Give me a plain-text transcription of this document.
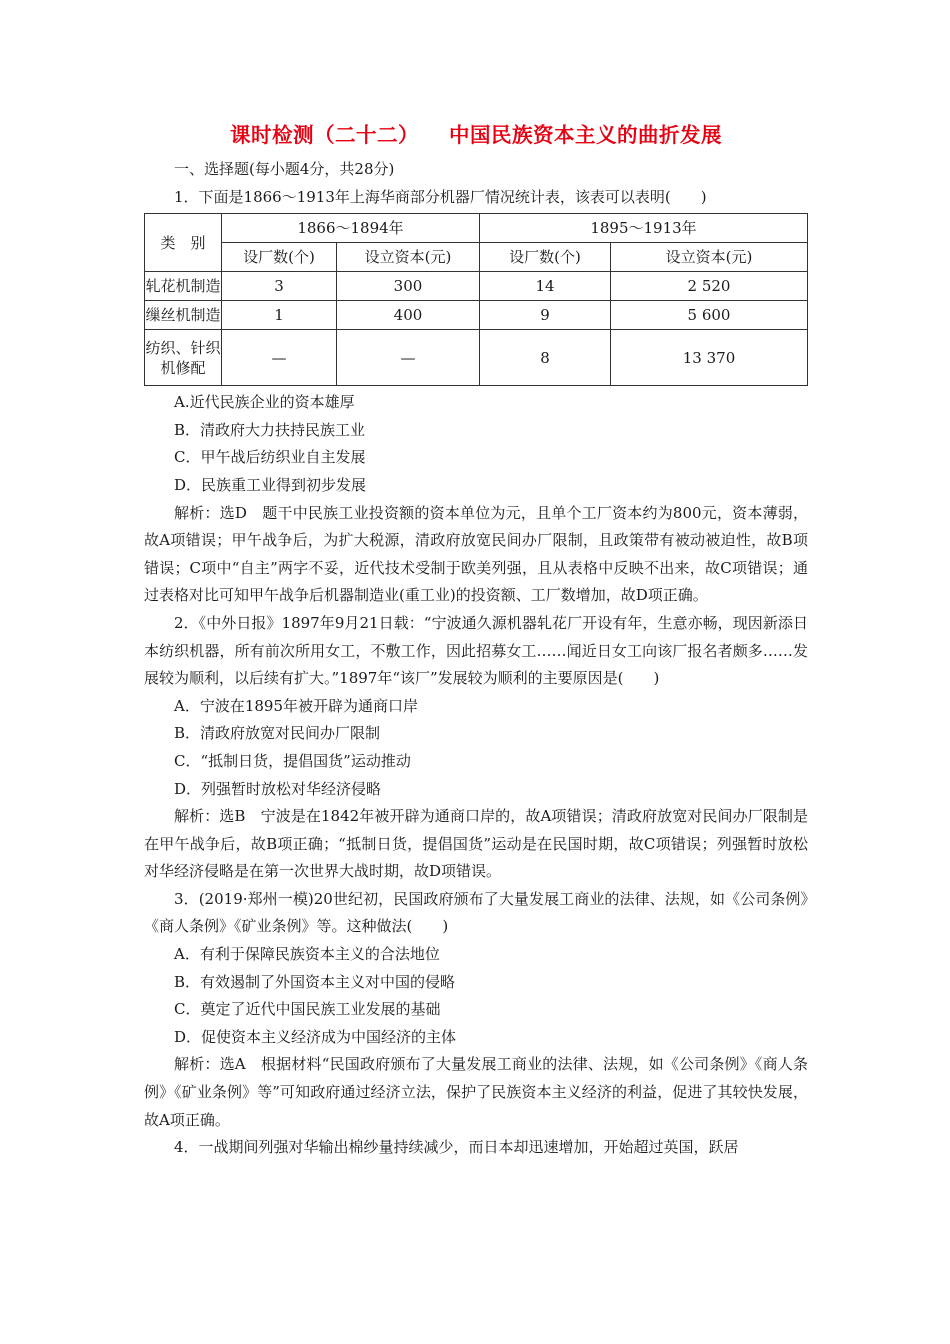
课时检测（二十二） 中国民族资本主义的曲折发展

一、选择题(每小题4分，共28分)

1．下面是1866～1913年上海华商部分机器厂情况统计表，该表可以表明(　　)

类　别	1866～1894年		1895～1913年	
	设厂数(个)	设立资本(元)	设厂数(个)	设立资本(元)
轧花机制造	3	300	14	2 520
缫丝机制造	1	400	9	5 600
纺织、针织
机修配	—	—	8	13 370

A.近代民族企业的资本雄厚

B．清政府大力扶持民族工业

C．甲午战后纺织业自主发展

D．民族重工业得到初步发展

解析：选D　题干中民族工业投资额的资本单位为元，且单个工厂资本约为800元，资本薄弱，故A项错误；甲午战争后，为扩大税源，清政府放宽民间办厂限制，且政策带有被动被迫性，故B项错误；C项中“自主”两字不妥，近代技术受制于欧美列强，且从表格中反映不出来，故C项错误；通过表格对比可知甲午战争后机器制造业(重工业)的投资额、工厂数增加，故D项正确。

2．《中外日报》1897年9月21日载：“宁波通久源机器轧花厂开设有年，生意亦畅，现因新添日本纺织机器，所有前次所用女工，不敷工作，因此招募女工……闻近日女工向该厂报名者颇多……发展较为顺利，以后续有扩大。”1897年“该厂”发展较为顺利的主要原因是(　　)

A．宁波在1895年被开辟为通商口岸

B．清政府放宽对民间办厂限制

C．“抵制日货，提倡国货”运动推动

D．列强暂时放松对华经济侵略

解析：选B　宁波是在1842年被开辟为通商口岸的，故A项错误；清政府放宽对民间办厂限制是在甲午战争后，故B项正确；“抵制日货，提倡国货”运动是在民国时期，故C项错误；列强暂时放松对华经济侵略是在第一次世界大战时期，故D项错误。

3．(2019·郑州一模)20世纪初，民国政府颁布了大量发展工商业的法律、法规，如《公司条例》《商人条例》《矿业条例》等。这种做法(　　)

A．有利于保障民族资本主义的合法地位

B．有效遏制了外国资本主义对中国的侵略

C．奠定了近代中国民族工业发展的基础

D．促使资本主义经济成为中国经济的主体

解析：选A　根据材料“民国政府颁布了大量发展工商业的法律、法规，如《公司条例》《商人条例》《矿业条例》等”可知政府通过经济立法，保护了民族资本主义经济的利益，促进了其较快发展，故A项正确。

4．一战期间列强对华输出棉纱量持续减少，而日本却迅速增加，开始超过英国，跃居
